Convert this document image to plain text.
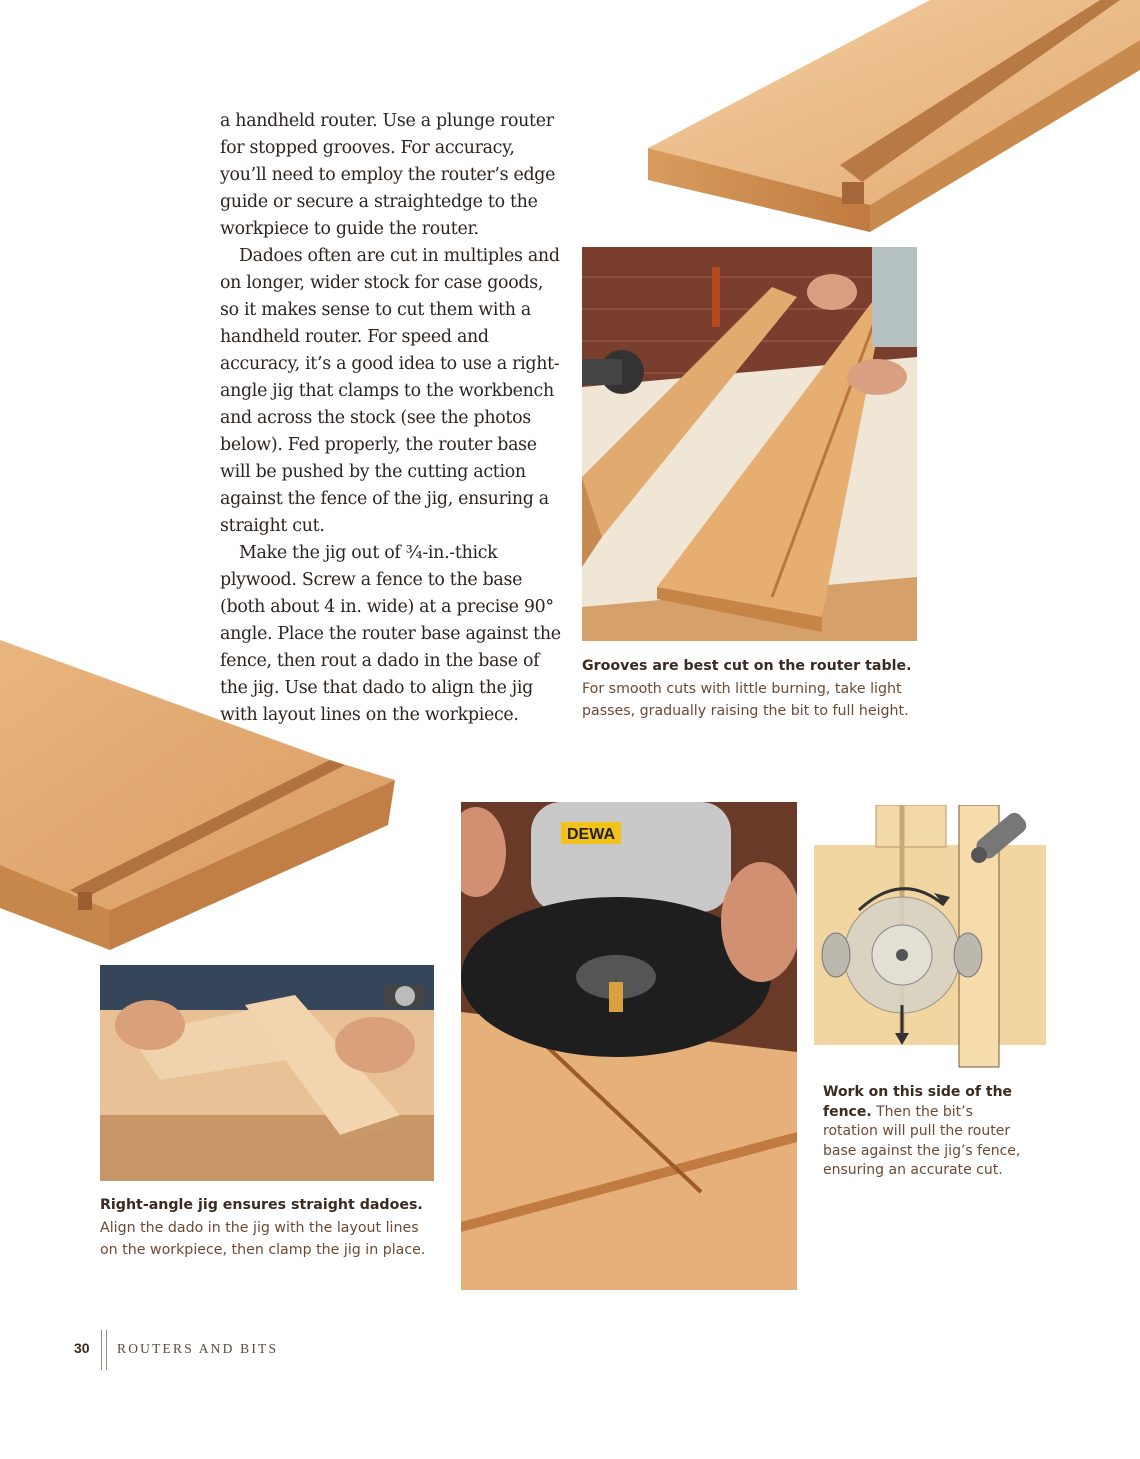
a handheld router. Use a plunge router for stopped grooves. For accuracy, you’ll need to employ the router’s edge guide or secure a straightedge to the workpiece to guide the router.

Dadoes often are cut in multiples and on longer, wider stock for case goods, so it makes sense to cut them with a handheld router. For speed and accuracy, it’s a good idea to use a right-angle jig that clamps to the workbench and across the stock (see the photos below). Fed properly, the router base will be pushed by the cutting action against the fence of the jig, ensuring a straight cut.

Make the jig out of ¾-in.-thick plywood. Screw a fence to the base (both about 4 in. wide) at a precise 90° angle. Place the router base against the fence, then rout a dado in the base of the jig. Use that dado to align the jig with layout lines on the workpiece.

Grooves are best cut on the router table. For smooth cuts with little burning, take light passes, gradually raising the bit to full height.
Right-angle jig ensures straight dadoes. Align the dado in the jig with the layout lines on the workpiece, then clamp the jig in place.
DEWA
Work on this side of the fence. Then the bit’s rotation will pull the router base against the jig’s fence, ensuring an accurate cut.
30 ROUTERS AND BITS
